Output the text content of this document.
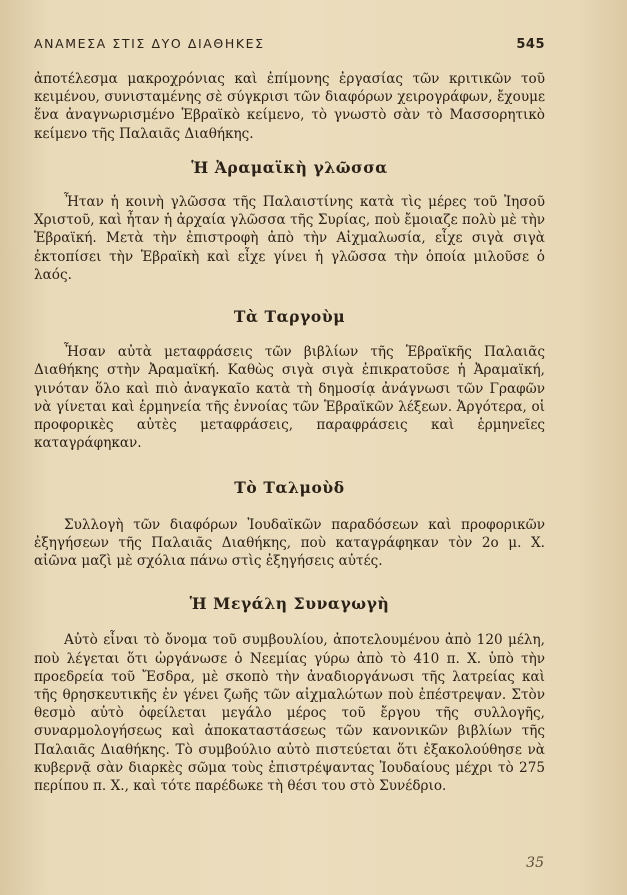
ΑΝΑΜΕΣΑ ΣΤΙΣ ΔΥΟ ΔΙΑΘΗΚΕΣ	545

ἀποτέλεσμα μακροχρόνιας καὶ ἐπίμονης ἐργασίας τῶν κριτικῶν τοῦ κειμένου, συνισταμένης σὲ σύγκρισι τῶν διαφόρων χειρογράφων, ἔχουμε ἕνα ἀναγνωρισμένο Ἑβραϊκὸ κείμενο, τὸ γνωστὸ σὰν τὸ Μασσορητικὸ κείμενο τῆς Παλαιᾶς Διαθήκης.

Ἡ Ἀραμαϊκὴ γλῶσσα

Ἦταν ἡ κοινὴ γλῶσσα τῆς Παλαιστίνης κατὰ τὶς μέρες τοῦ Ἰησοῦ Χριστοῦ, καὶ ἦταν ἡ ἀρχαία γλῶσσα τῆς Συρίας, ποὺ ἔμοιαζε πολὺ μὲ τὴν Ἑβραϊκή. Μετὰ τὴν ἐπιστροφὴ ἀπὸ τὴν Αἰχμαλωσία, εἶχε σιγὰ σιγὰ ἐκτοπίσει τὴν Ἑβραϊκὴ καὶ εἶχε γίνει ἡ γλῶσσα τὴν ὁποία μιλοῦσε ὁ λαός.

Τὰ Ταργοὺμ

Ἦσαν αὐτὰ μεταφράσεις τῶν βιβλίων τῆς Ἑβραϊκῆς Παλαιᾶς Διαθήκης στὴν Ἀραμαϊκή. Καθὼς σιγὰ σιγὰ ἐπικρατοῦσε ἡ Ἀραμαϊκή, γινόταν ὅλο καὶ πιὸ ἀναγκαῖο κατὰ τὴ δημοσίᾳ ἀνάγνωσι τῶν Γραφῶν νὰ γίνεται καὶ ἑρμηνεία τῆς ἐννοίας τῶν Ἑβραϊκῶν λέξεων. Ἀργότερα, οἱ προφορικὲς αὐτὲς μεταφράσεις, παραφράσεις καὶ ἑρμηνεῖες καταγράφηκαν.

Τὸ Ταλμοὺδ

Συλλογὴ τῶν διαφόρων Ἰουδαϊκῶν παραδόσεων καὶ προφορικῶν ἐξηγήσεων τῆς Παλαιᾶς Διαθήκης, ποὺ καταγράφηκαν τὸν 2ο μ. Χ. αἰῶνα μαζὶ μὲ σχόλια πάνω στὶς ἐξηγήσεις αὐτές.

Ἡ Μεγάλη Συναγωγὴ

Αὐτὸ εἶναι τὸ ὄνομα τοῦ συμβουλίου, ἀποτελουμένου ἀπὸ 120 μέλη, ποὺ λέγεται ὅτι ὠργάνωσε ὁ Νεεμίας γύρω ἀπὸ τὸ 410 π. Χ. ὑπὸ τὴν προεδρεία τοῦ Ἔσδρα, μὲ σκοπὸ τὴν ἀναδιοργάνωσι τῆς λατρείας καὶ τῆς θρησκευτικῆς ἐν γένει ζωῆς τῶν αἰχμαλώτων ποὺ ἐπέστρεψαν. Στὸν θεσμὸ αὐτὸ ὀφείλεται μεγάλο μέρος τοῦ ἔργου τῆς συλλογῆς, συναρμολογήσεως καὶ ἀποκαταστάσεως τῶν κανονικῶν βιβλίων τῆς Παλαιᾶς Διαθήκης. Τὸ συμβούλιο αὐτὸ πιστεύεται ὅτι ἐξακολούθησε νὰ κυβερνᾷ σὰν διαρκὲς σῶμα τοὺς ἐπιστρέψαντας Ἰουδαίους μέχρι τὸ 275 περίπου π. Χ., καὶ τότε παρέδωκε τὴ θέσι του στὸ Συνέδριο.

35
